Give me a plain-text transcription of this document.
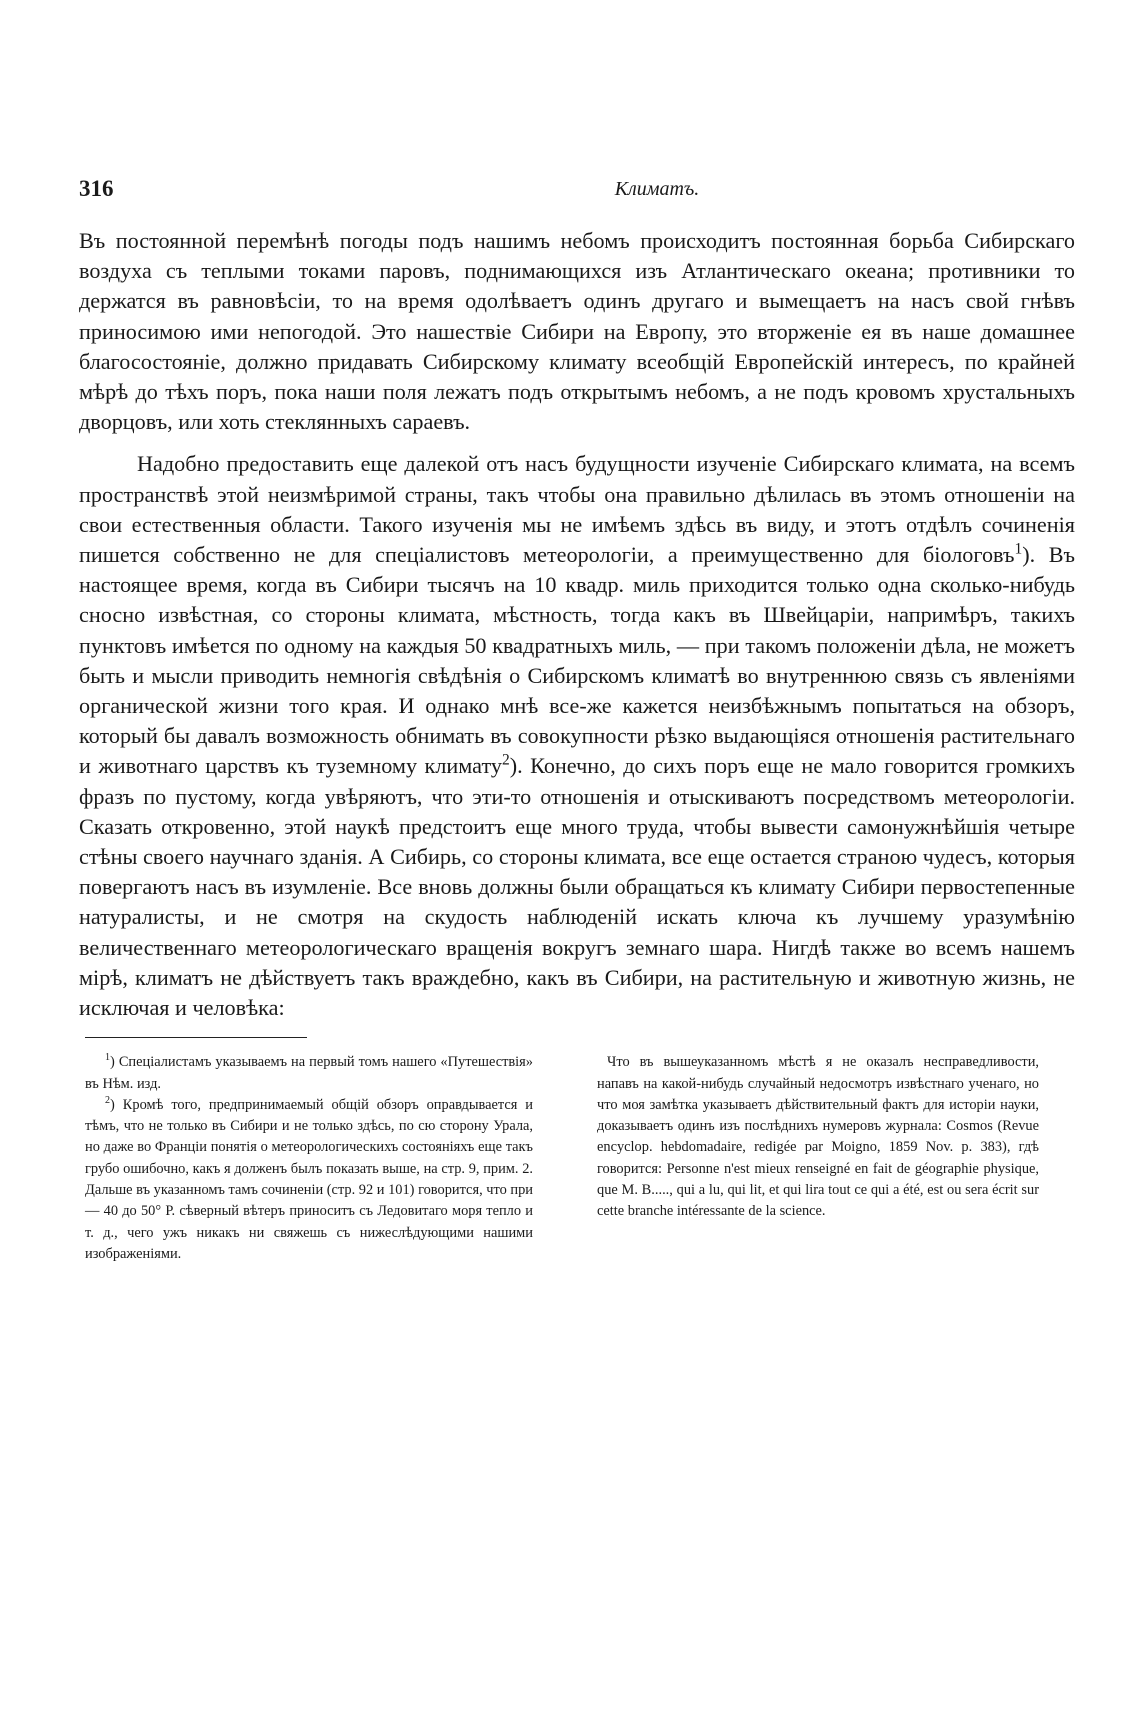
316	Климатъ.

Въ постоянной перемѣнѣ погоды подъ нашимъ небомъ происходитъ постоянная борьба Сибирскаго воздуха съ теплыми токами паровъ, поднимающихся изъ Атлантическаго океана; противники то держатся въ равновѣсіи, то на время одолѣваетъ одинъ другаго и вымещаетъ на насъ свой гнѣвъ приносимою ими непогодой. Это нашествіе Сибири на Европу, это вторженіе ея въ наше домашнее благосостояніе, должно придавать Сибирскому климату всеобщій Европейскій интересъ, по крайней мѣрѣ до тѣхъ поръ, пока наши поля лежатъ подъ открытымъ небомъ, а не подъ кровомъ хрустальныхъ дворцовъ, или хоть стеклянныхъ сараевъ.

Надобно предоставить еще далекой отъ насъ будущности изученіе Сибирскаго климата, на всемъ пространствѣ этой неизмѣримой страны, такъ чтобы она правильно дѣлилась въ этомъ отношеніи на свои естественныя области. Такого изученія мы не имѣемъ здѣсь въ виду, и этотъ отдѣлъ сочиненія пишется собственно не для спеціалистовъ метеорологіи, а преимущественно для біологовъ$^1$). Въ настоящее время, когда въ Сибири тысячъ на 10 квадр. миль приходится только одна сколько-нибудь сносно извѣстная, со стороны климата, мѣстность, тогда какъ въ Швейцаріи, напримѣръ, такихъ пунктовъ имѣется по одному на каждыя 50 квадратныхъ миль, — при такомъ положеніи дѣла, не можетъ быть и мысли приводить немногія свѣдѣнія о Сибирскомъ климатѣ во внутреннюю связь съ явленіями органической жизни того края. И однако мнѣ все-же кажется неизбѣжнымъ попытаться на обзоръ, который бы давалъ возможность обнимать въ совокупности рѣзко выдающіяся отношенія растительнаго и животнаго царствъ къ туземному климату$^2$). Конечно, до сихъ поръ еще не мало говорится громкихъ фразъ по пустому, когда увѣряютъ, что эти-то отношенія и отыскиваютъ посредствомъ метеорологіи. Сказать откровенно, этой наукѣ предстоитъ еще много труда, чтобы вывести самонужнѣйшія четыре стѣны своего научнаго зданія. А Сибирь, со стороны климата, все еще остается страною чудесъ, которыя повергаютъ насъ въ изумленіе. Все вновь должны были обращаться къ климату Сибири первостепенные натуралисты, и не смотря на скудость наблюденій искать ключа къ лучшему уразумѣнію величественнаго метеорологическаго вращенія вокругъ земнаго шара. Нигдѣ также во всемъ нашемъ мірѣ, климатъ не дѣйствуетъ такъ враждебно, какъ въ Сибири, на растительную и животную жизнь, не исключая и человѣка:

$^1$) Спеціалистамъ указываемъ на первый томъ нашего «Путешествія» въ Нѣм. изд.

$^2$) Кромѣ того, предпринимаемый общій обзоръ оправдывается и тѣмъ, что не только въ Сибири и не только здѣсь, по сю сторону Урала, но даже во Франціи понятія о метеорологическихъ состояніяхъ еще такъ грубо ошибочно, какъ я долженъ былъ показать выше, на стр. 9, прим. 2. Дальше въ указанномъ тамъ сочиненіи (стр. 92 и 101) говорится, что при — 40 до 50° Р. сѣверный вѣтеръ приноситъ съ Ледовитаго моря тепло и т. д., чего ужъ никакъ ни свяжешь съ нижеслѣдующими нашими изображеніями.

Что въ вышеуказанномъ мѣстѣ я не оказалъ несправедливости, напавъ на какой-нибудь случайный недосмотръ извѣстнаго ученаго, но что моя замѣтка указываетъ дѣйствительный фактъ для исторіи науки, доказываетъ одинъ изъ послѣднихъ нумеровъ журнала: Cosmos (Revue encyclop. hebdomadaire, redigée par Moigno, 1859 Nov. p. 383), гдѣ говорится: Personne n'est mieux renseigné en fait de géographie physique, que M. B....., qui a lu, qui lit, et qui lira tout ce qui a été, est ou sera écrit sur cette branche intéressante de la science.
